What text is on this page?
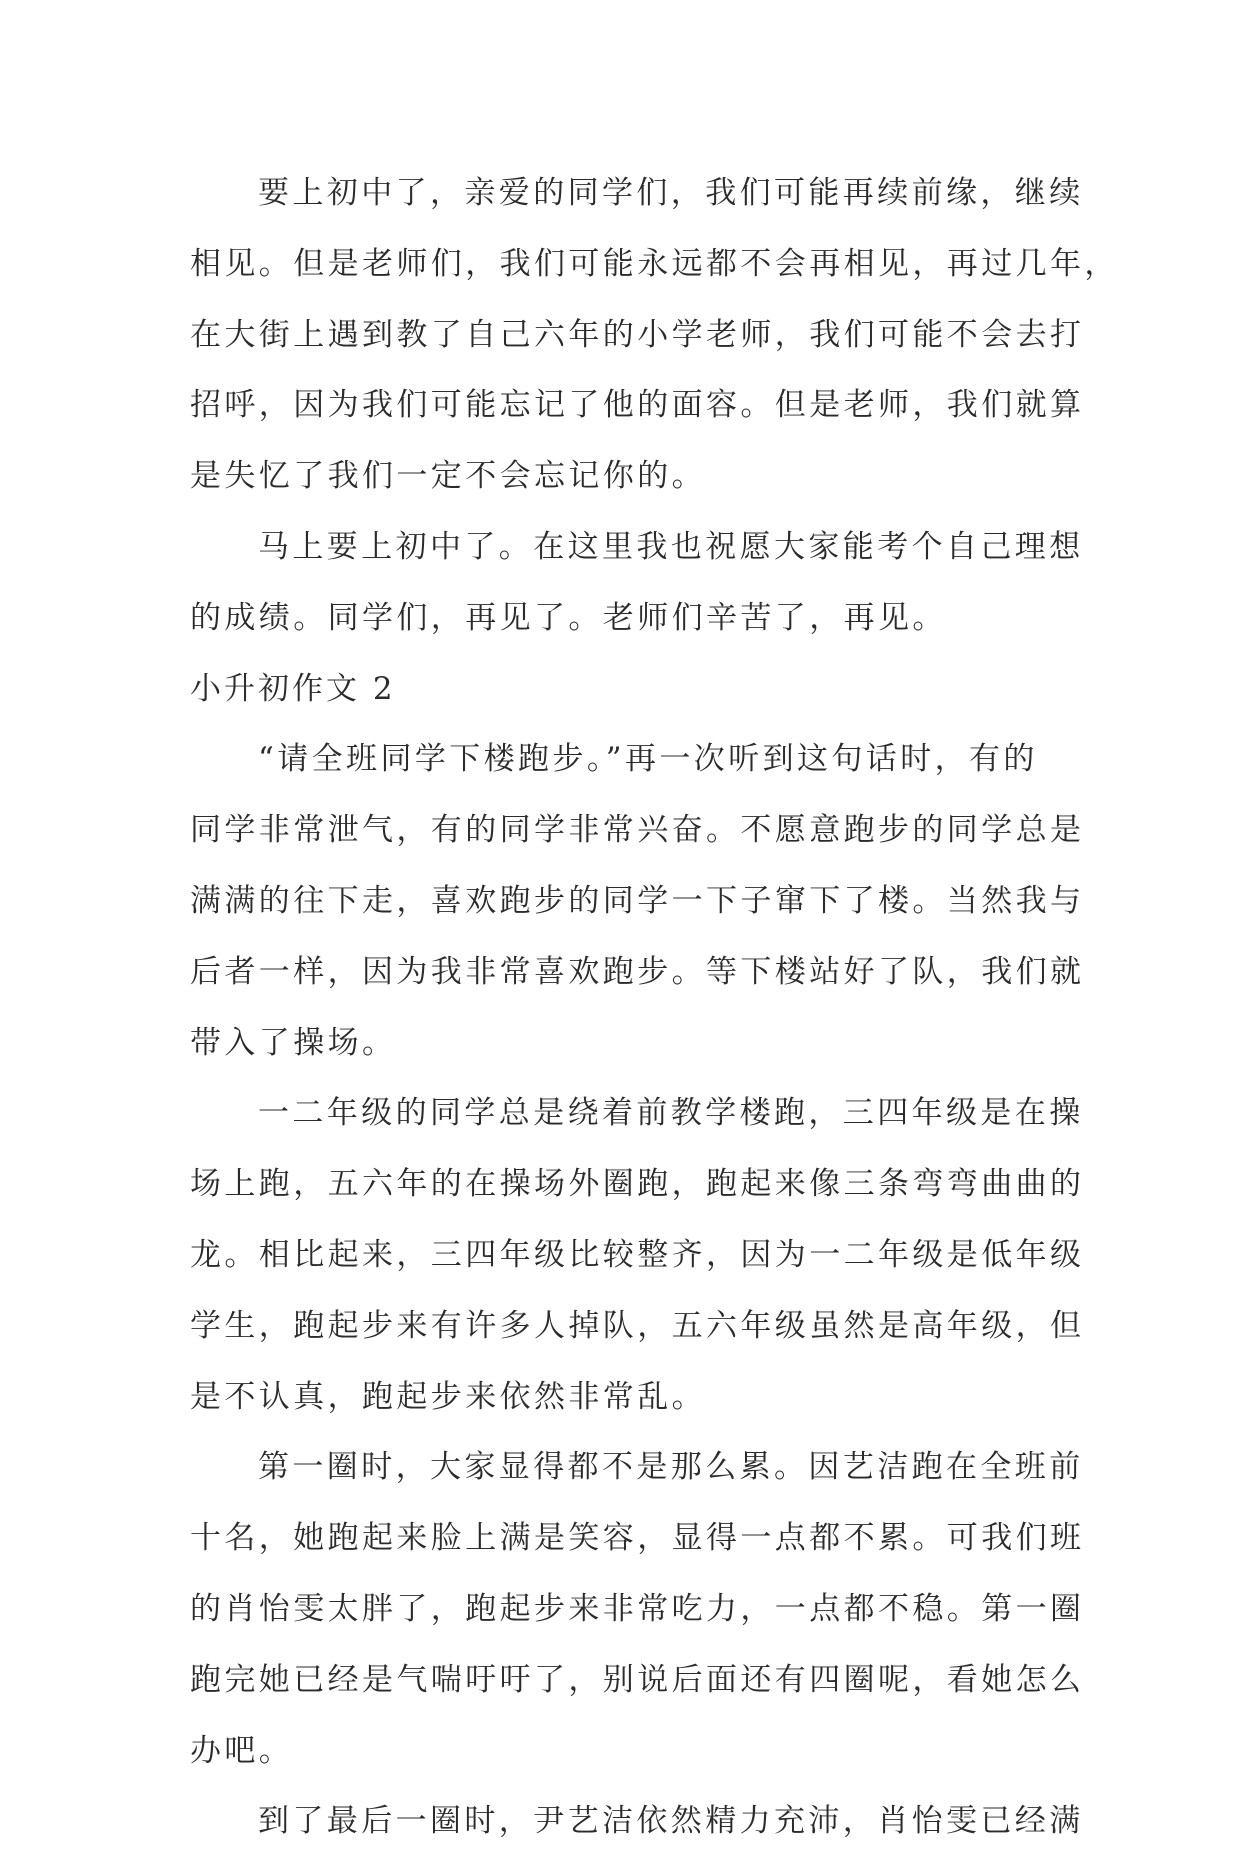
要上初中了，亲爱的同学们，我们可能再续前缘，继续
相见。但是老师们，我们可能永远都不会再相见，再过几年，
在大街上遇到教了自己六年的小学老师，我们可能不会去打
招呼，因为我们可能忘记了他的面容。但是老师，我们就算
是失忆了我们一定不会忘记你的。
马上要上初中了。在这里我也祝愿大家能考个自己理想
的成绩。同学们，再见了。老师们辛苦了，再见。
小升初作文 2
“请全班同学下楼跑步。”再一次听到这句话时，有的
同学非常泄气，有的同学非常兴奋。不愿意跑步的同学总是
满满的往下走，喜欢跑步的同学一下子窜下了楼。当然我与
后者一样，因为我非常喜欢跑步。等下楼站好了队，我们就
带入了操场。
一二年级的同学总是绕着前教学楼跑，三四年级是在操
场上跑，五六年的在操场外圈跑，跑起来像三条弯弯曲曲的
龙。相比起来，三四年级比较整齐，因为一二年级是低年级
学生，跑起步来有许多人掉队，五六年级虽然是高年级，但
是不认真，跑起步来依然非常乱。
第一圈时，大家显得都不是那么累。因艺洁跑在全班前
十名，她跑起来脸上满是笑容，显得一点都不累。可我们班
的肖怡雯太胖了，跑起步来非常吃力，一点都不稳。第一圈
跑完她已经是气喘吁吁了，别说后面还有四圈呢，看她怎么
办吧。
到了最后一圈时，尹艺洁依然精力充沛，肖怡雯已经满
